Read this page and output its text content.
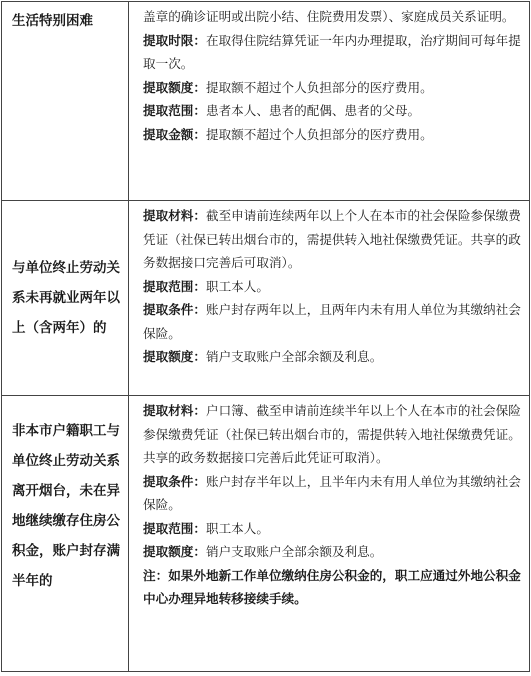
生活特别困难	盖章的确诊证明或出院小结、住院费用发票）、家庭成员关系证明。

提取时限：在取得住院结算凭证一年内办理提取，治疗期间可每年提取一次。

提取额度：提取额不超过个人负担部分的医疗费用。

提取范围：患者本人、患者的配偶、患者的父母。

提取金额：提取额不超过个人负担部分的医疗费用。

与单位终止劳动关系未再就业两年以上（含两年）的	提取材料：截至申请前连续两年以上个人在本市的社会保险参保缴费凭证（社保已转出烟台市的，需提供转入地社保缴费凭证。共享的政务数据接口完善后可取消）。

提取范围：职工本人。

提取条件：账户封存两年以上，且两年内未有用人单位为其缴纳社会保险。

提取额度：销户支取账户全部余额及利息。

非本市户籍职工与单位终止劳动关系离开烟台，未在异地继续缴存住房公积金，账户封存满半年的	提取材料：户口簿、截至申请前连续半年以上个人在本市的社会保险参保缴费凭证（社保已转出烟台市的，需提供转入地社保缴费凭证。共享的政务数据接口完善后此凭证可取消）。

提取条件：账户封存半年以上，且半年内未有用人单位为其缴纳社会保险。

提取范围：职工本人。

提取额度：销户支取账户全部余额及利息。

注：如果外地新工作单位缴纳住房公积金的，职工应通过外地公积金中心办理异地转移接续手续。
